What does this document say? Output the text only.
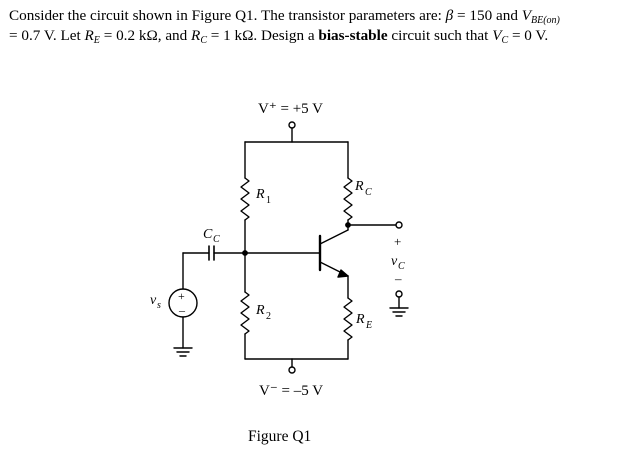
Consider the circuit shown in Figure Q1. The transistor parameters are: β = 150 and $V_{BE(on)}$
= 0.7 V. Let $R_E = 0.2$ kΩ, and $R_C = 1$ kΩ. Design a bias-stable circuit such that $V_C = 0$ V.
V⁺ = +5 V
V⁻ = –5 V
R 1
R 2
R C
+
v C
–
R E
C C
+
–
v s
Figure Q1
